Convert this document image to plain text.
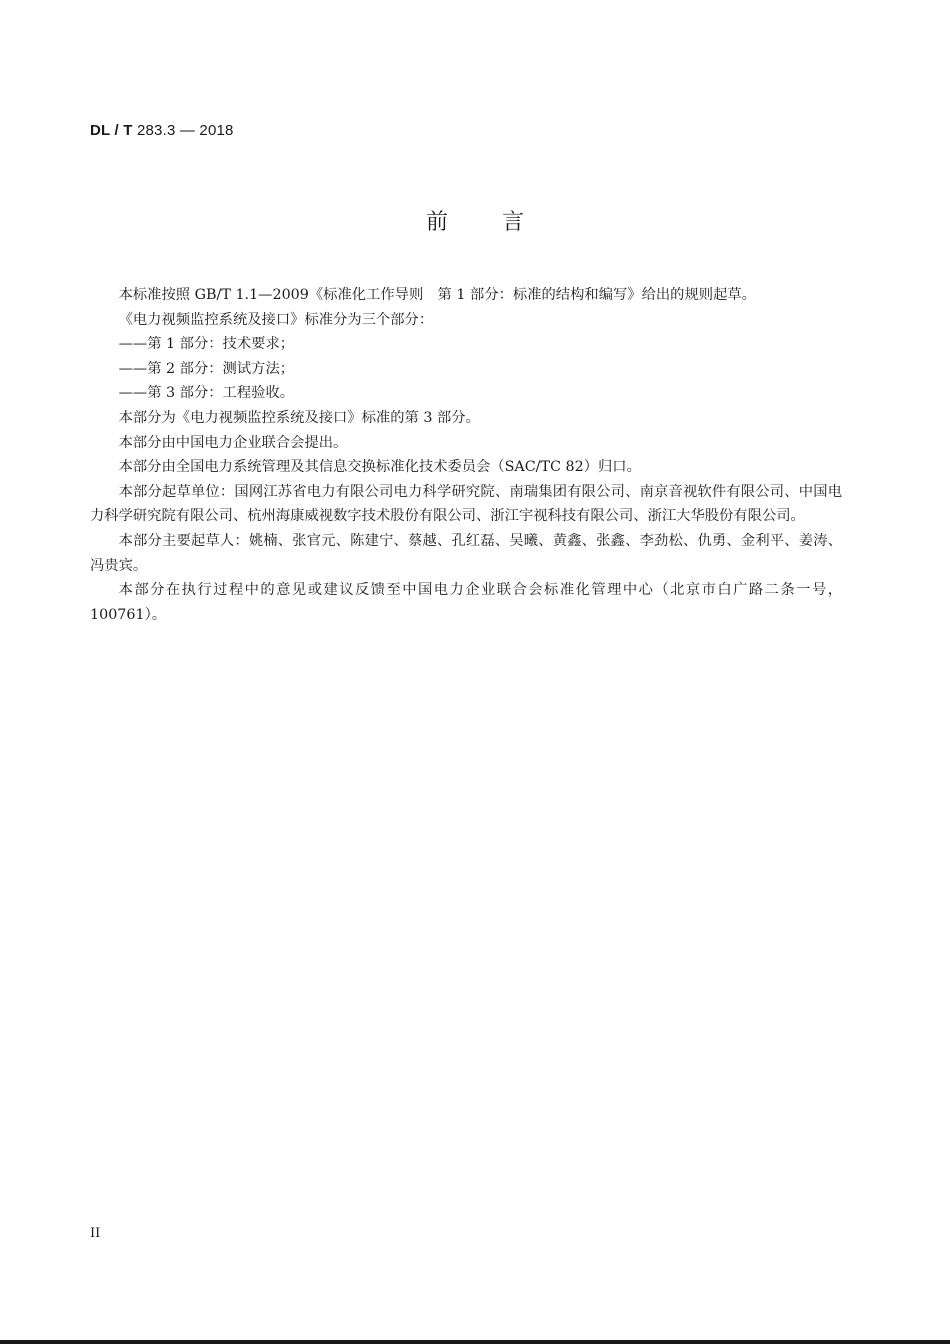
DL / T 283.3 — 2018
前言

本标准按照 GB/T 1.1—2009《标准化工作导则　第 1 部分：标准的结构和编写》给出的规则起草。

《电力视频监控系统及接口》标准分为三个部分：

——第 1 部分：技术要求；

——第 2 部分：测试方法；

——第 3 部分：工程验收。

本部分为《电力视频监控系统及接口》标准的第 3 部分。

本部分由中国电力企业联合会提出。

本部分由全国电力系统管理及其信息交换标准化技术委员会（SAC/TC 82）归口。

本部分起草单位：国网江苏省电力有限公司电力科学研究院、南瑞集团有限公司、南京音视软件有限公司、中国电力科学研究院有限公司、杭州海康威视数字技术股份有限公司、浙江宇视科技有限公司、浙江大华股份有限公司。

本部分主要起草人：姚楠、张官元、陈建宁、蔡越、孔红磊、吴曦、黄鑫、张鑫、李劲松、仇勇、金利平、姜涛、冯贵宾。

本部分在执行过程中的意见或建议反馈至中国电力企业联合会标准化管理中心（北京市白广路二条一号，100761）。

II
